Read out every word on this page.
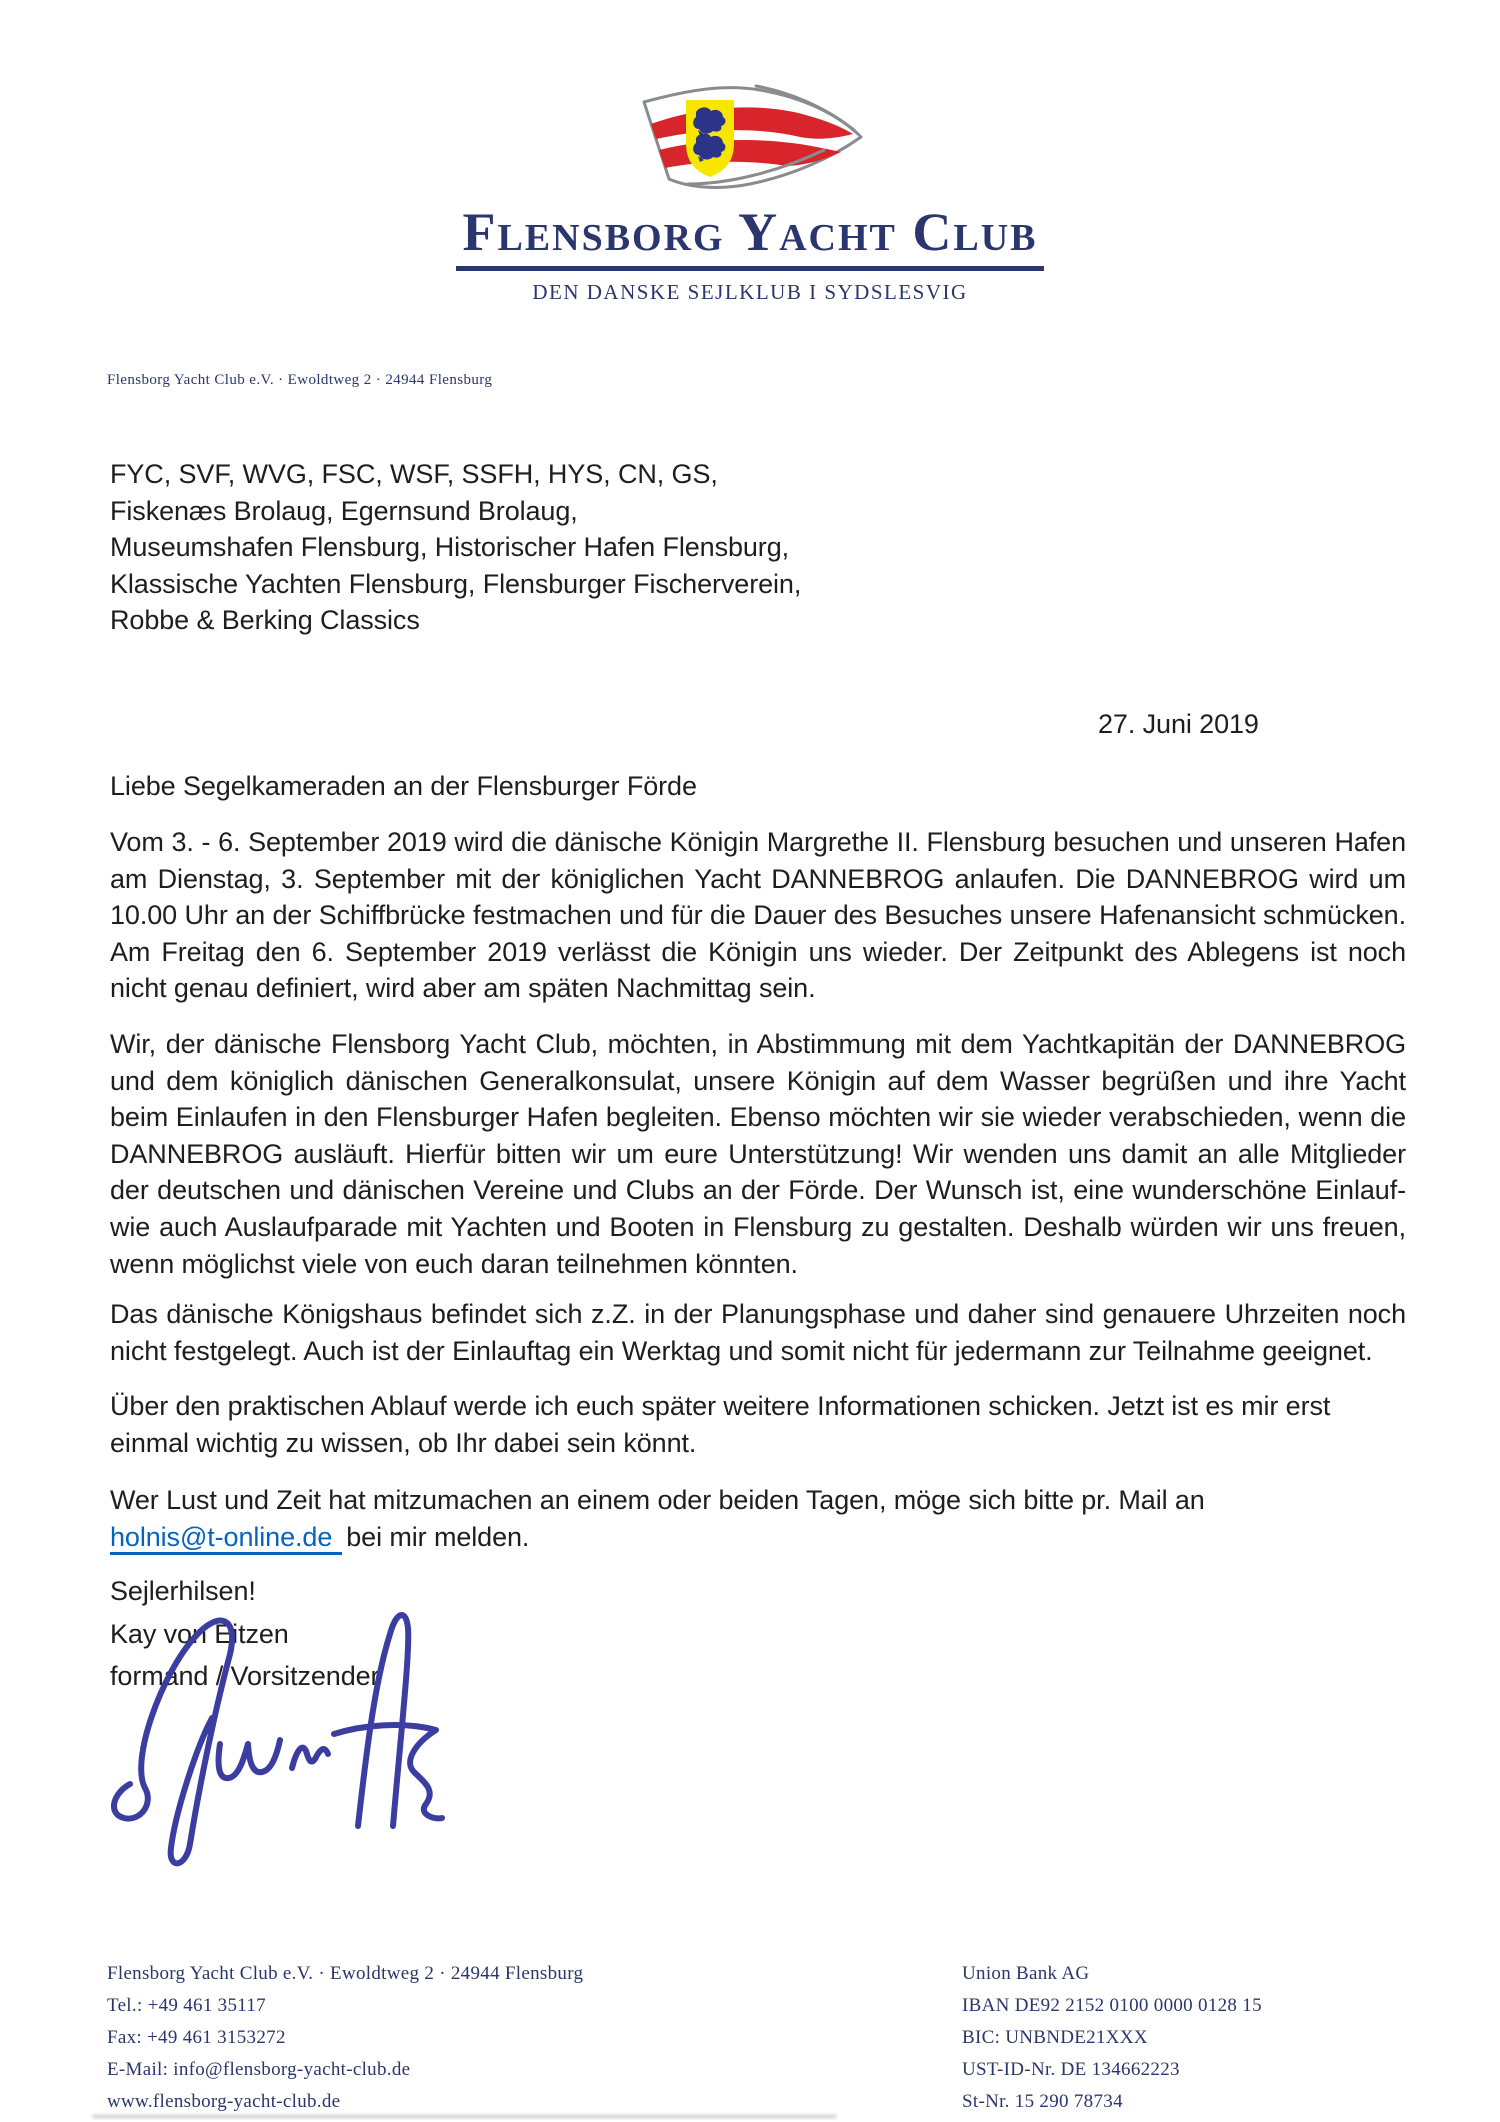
Flensborg Yacht Club
DEN DANSKE SEJLKLUB I SYDSLESVIG
Flensborg Yacht Club e.V. · Ewoldtweg 2 · 24944 Flensburg
FYC, SVF, WVG, FSC, WSF, SSFH, HYS, CN, GS,
Fiskenæs Brolaug, Egernsund Brolaug,
Museumshafen Flensburg, Historischer Hafen Flensburg,
Klassische Yachten Flensburg, Flensburger Fischerverein,
Robbe & Berking Classics
27. Juni 2019
Liebe Segelkameraden an der Flensburger Förde
Vom 3. - 6. September 2019 wird die dänische Königin Margrethe II. Flensburg besuchen und unseren Hafen am Dienstag, 3. September mit der königlichen Yacht DANNEBROG anlaufen. Die DANNEBROG wird um 10.00 Uhr an der Schiffbrücke festmachen und für die Dauer des Besuches unsere Hafenansicht schmücken. Am Freitag den 6. September 2019 verlässt die Königin uns wieder. Der Zeitpunkt des Ablegens ist noch nicht genau definiert, wird aber am späten Nachmittag sein.
Wir, der dänische Flensborg Yacht Club, möchten, in Abstimmung mit dem Yachtkapitän der DANNEBROG und dem königlich dänischen Generalkonsulat, unsere Königin auf dem Wasser begrüßen und ihre Yacht beim Einlaufen in den Flensburger Hafen begleiten. Ebenso möchten wir sie wieder verabschieden, wenn die DANNEBROG ausläuft. Hierfür bitten wir um eure Unterstützung! Wir wenden uns damit an alle Mitglieder der deutschen und dänischen Vereine und Clubs an der Förde. Der Wunsch ist, eine wunderschöne Einlauf- wie auch Auslaufparade mit Yachten und Booten in Flensburg zu gestalten. Deshalb würden wir uns freuen, wenn möglichst viele von euch daran teilnehmen könnten.
Das dänische Königshaus befindet sich z.Z. in der Planungsphase und daher sind genauere Uhrzeiten noch nicht festgelegt. Auch ist der Einlauftag ein Werktag und somit nicht für jedermann zur Teilnahme geeignet.
Über den praktischen Ablauf werde ich euch später weitere Informationen schicken. Jetzt ist es mir erst einmal wichtig zu wissen, ob Ihr dabei sein könnt.
Wer Lust und Zeit hat mitzumachen an einem oder beiden Tagen, möge sich bitte pr. Mail an
holnis@t-online.de bei mir melden.
Sejlerhilsen!
Kay von Eitzen
formand / Vorsitzender
Flensborg Yacht Club e.V. · Ewoldtweg 2 · 24944 Flensburg
Tel.: +49 461 35117
Fax: +49 461 3153272
E-Mail: info@flensborg-yacht-club.de
www.flensborg-yacht-club.de
Union Bank AG
IBAN DE92 2152 0100 0000 0128 15
BIC: UNBNDE21XXX
UST-ID-Nr. DE 134662223
St-Nr. 15 290 78734
